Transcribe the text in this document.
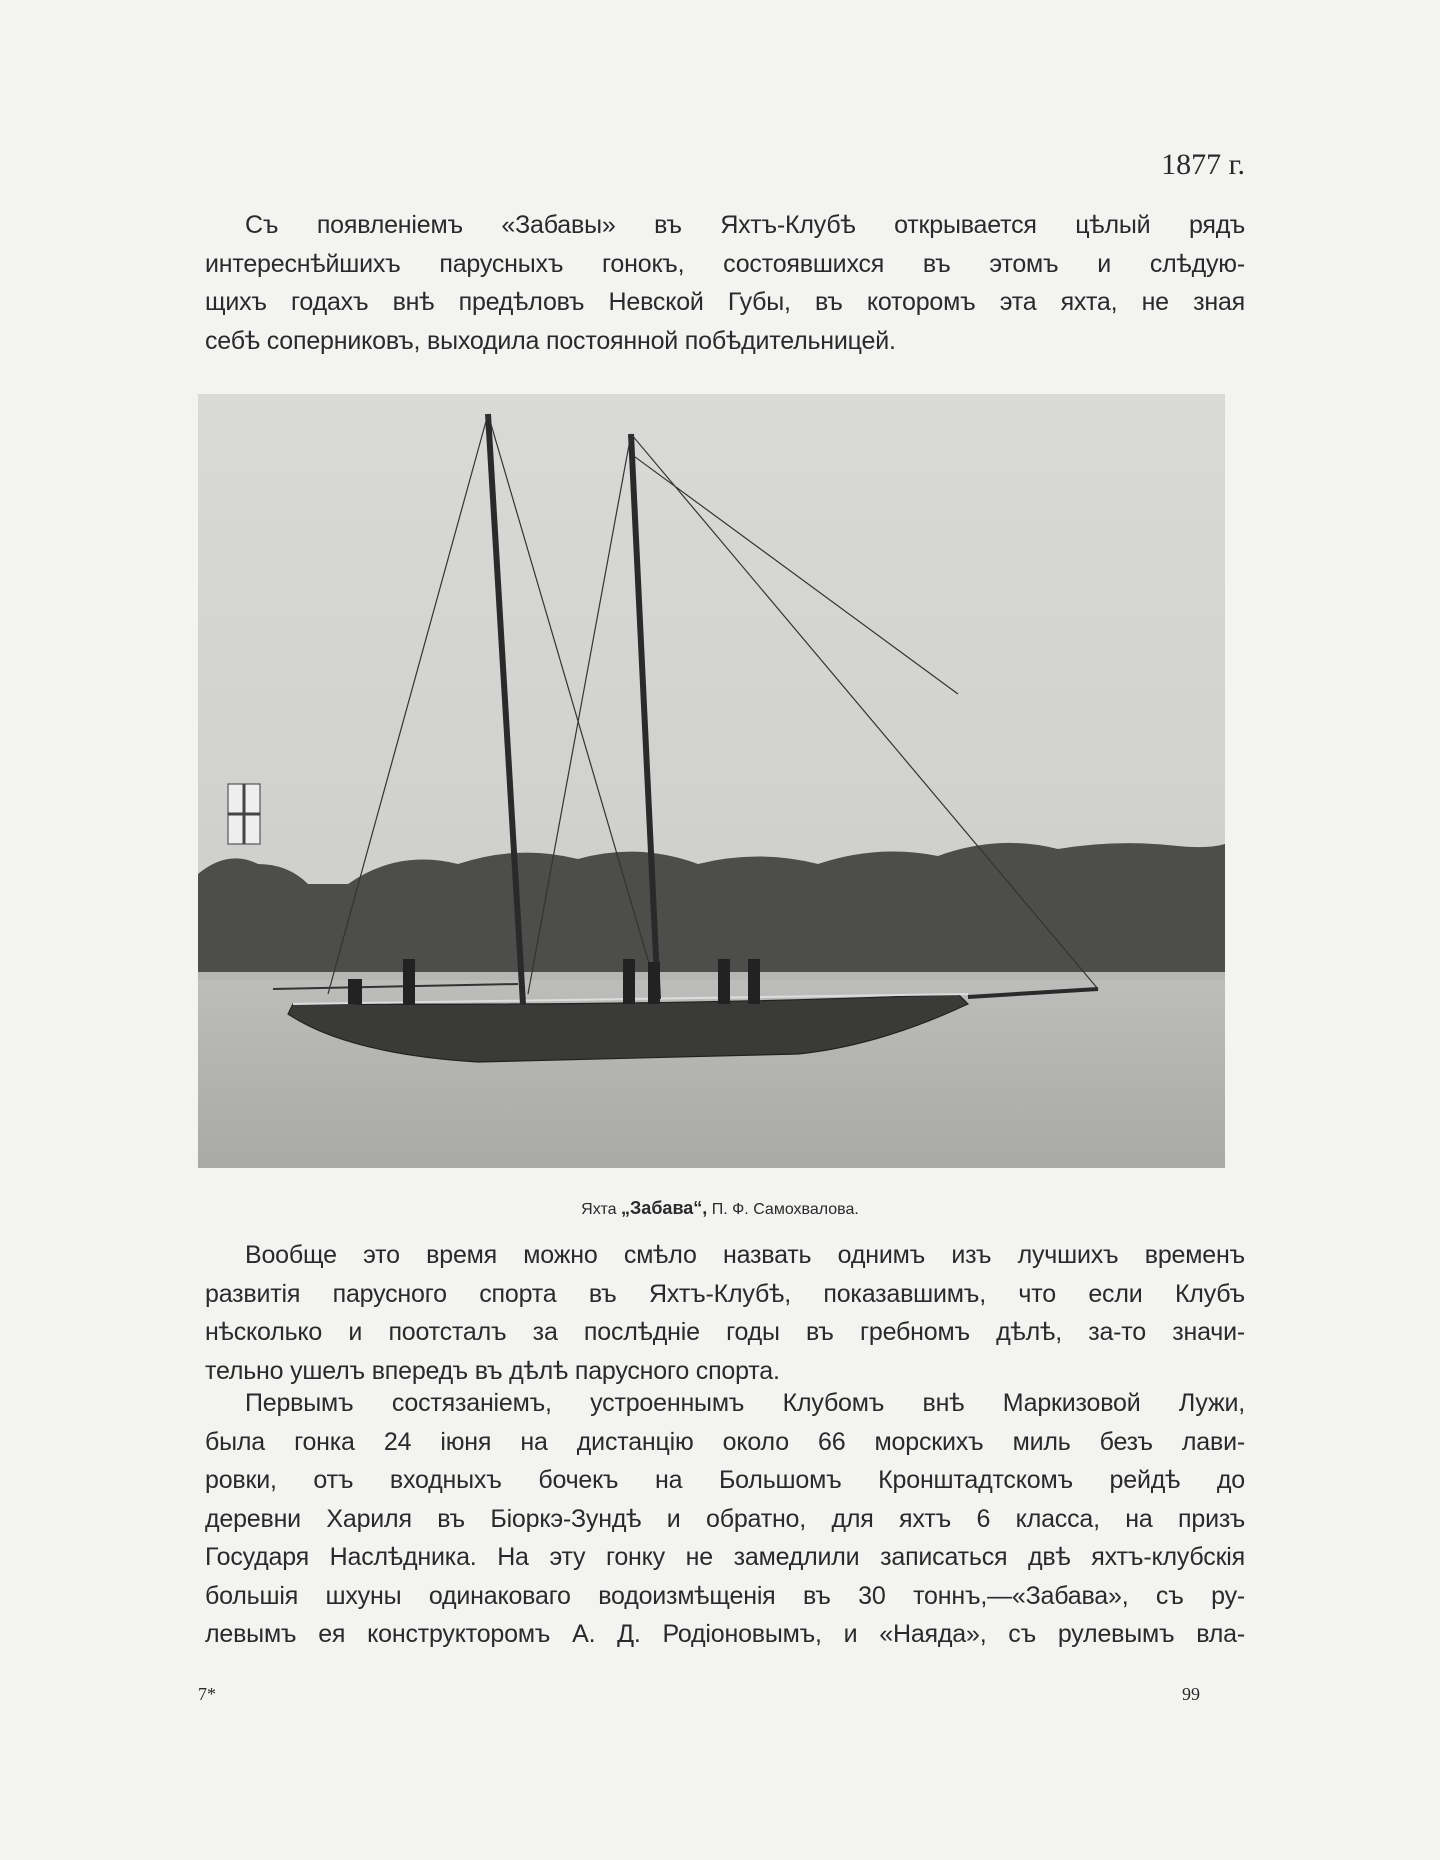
1877 г.
Съ появленіемъ «Забавы» въ Яхтъ-Клубѣ открывается цѣлый рядъ
интереснѣйшихъ парусныхъ гонокъ, состоявшихся въ этомъ и слѣдую-
щихъ годахъ внѣ предѣловъ Невской Губы, въ которомъ эта яхта, не зная
себѣ соперниковъ, выходила постоянной побѣдительницей.
Яхта „Забава“, П. Ф. Самохвалова.
Вообще это время можно смѣло назвать однимъ изъ лучшихъ временъ
развитія парусного спорта въ Яхтъ-Клубѣ, показавшимъ, что если Клубъ
нѣсколько и поотсталъ за послѣдніе годы въ гребномъ дѣлѣ, за-то значи-
тельно ушелъ впередъ въ дѣлѣ парусного спорта.
Первымъ состязаніемъ, устроеннымъ Клубомъ внѣ Маркизовой Лужи,
была гонка 24 іюня на дистанцію около 66 морскихъ миль безъ лави-
ровки, отъ входныхъ бочекъ на Большомъ Кронштадтскомъ рейдѣ до
деревни Хариля въ Біоркэ-Зундѣ и обратно, для яхтъ 6 класса, на призъ
Государя Наслѣдника. На эту гонку не замедлили записаться двѣ яхтъ-клубскія
большія шхуны одинаковаго водоизмѣщенія въ 30 тоннъ,—«Забава», съ ру-
левымъ ея конструкторомъ А. Д. Родіоновымъ, и «Наяда», съ рулевымъ вла-
7*	99
